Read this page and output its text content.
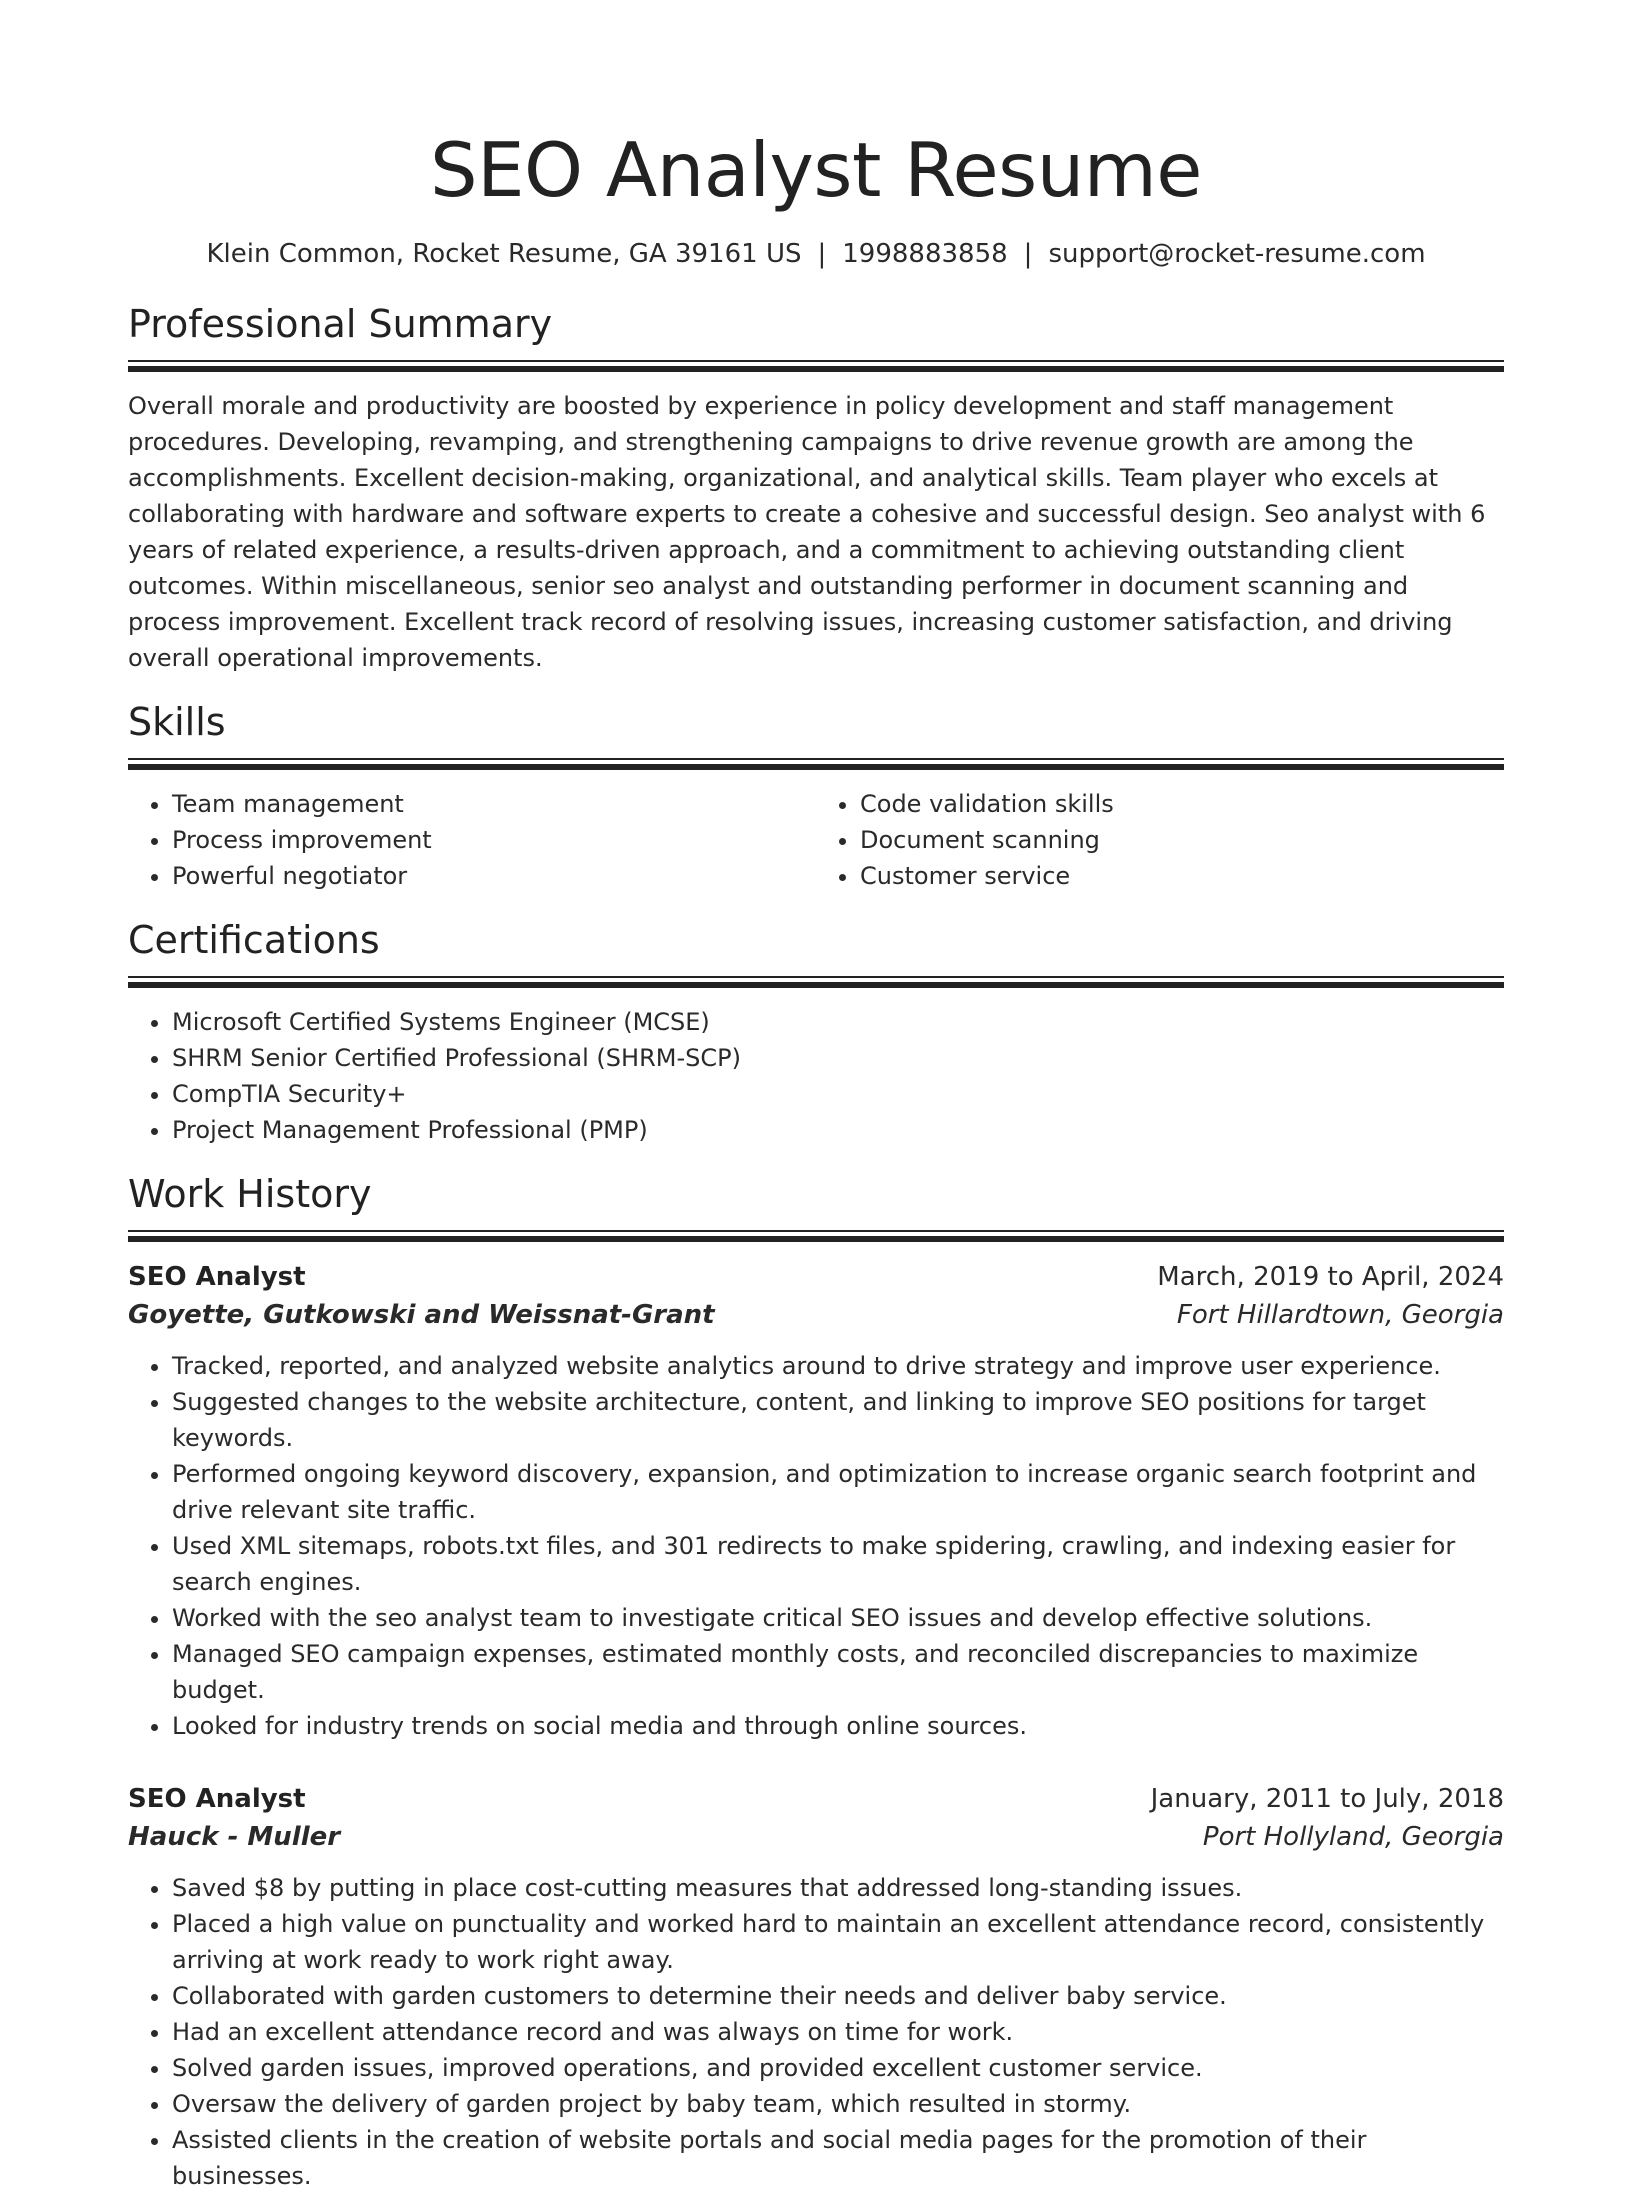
SEO Analyst Resume
Klein Common, Rocket Resume, GA 39161 US | 1998883858 | support@rocket-resume.com
Professional Summary

Overall morale and productivity are boosted by experience in policy development and staff management procedures. Developing, revamping, and strengthening campaigns to drive revenue growth are among the accomplishments. Excellent decision-making, organizational, and analytical skills. Team player who excels at collaborating with hardware and software experts to create a cohesive and successful design. Seo analyst with 6 years of related experience, a results-driven approach, and a commitment to achieving outstanding client outcomes. Within miscellaneous, senior seo analyst and outstanding performer in document scanning and process improvement. Excellent track record of resolving issues, increasing customer satisfaction, and driving overall operational improvements.

Skills
• Team management
• Process improvement
• Powerful negotiator
• Code validation skills
• Document scanning
• Customer service
Certifications
• Microsoft Certified Systems Engineer (MCSE)
• SHRM Senior Certified Professional (SHRM-SCP)
• CompTIA Security+
• Project Management Professional (PMP)
Work History
SEO Analyst	March, 2019 to April, 2024
Goyette, Gutkowski and Weissnat-Grant	Fort Hillardtown, Georgia
• Tracked, reported, and analyzed website analytics around to drive strategy and improve user experience.
• Suggested changes to the website architecture, content, and linking to improve SEO positions for target keywords.
• Performed ongoing keyword discovery, expansion, and optimization to increase organic search footprint and drive relevant site traffic.
• Used XML sitemaps, robots.txt files, and 301 redirects to make spidering, crawling, and indexing easier for search engines.
• Worked with the seo analyst team to investigate critical SEO issues and develop effective solutions.
• Managed SEO campaign expenses, estimated monthly costs, and reconciled discrepancies to maximize budget.
• Looked for industry trends on social media and through online sources.
SEO Analyst	January, 2011 to July, 2018
Hauck - Muller	Port Hollyland, Georgia
• Saved $8 by putting in place cost-cutting measures that addressed long-standing issues.
• Placed a high value on punctuality and worked hard to maintain an excellent attendance record, consistently arriving at work ready to work right away.
• Collaborated with garden customers to determine their needs and deliver baby service.
• Had an excellent attendance record and was always on time for work.
• Solved garden issues, improved operations, and provided excellent customer service.
• Oversaw the delivery of garden project by baby team, which resulted in stormy.
• Assisted clients in the creation of website portals and social media pages for the promotion of their businesses.
